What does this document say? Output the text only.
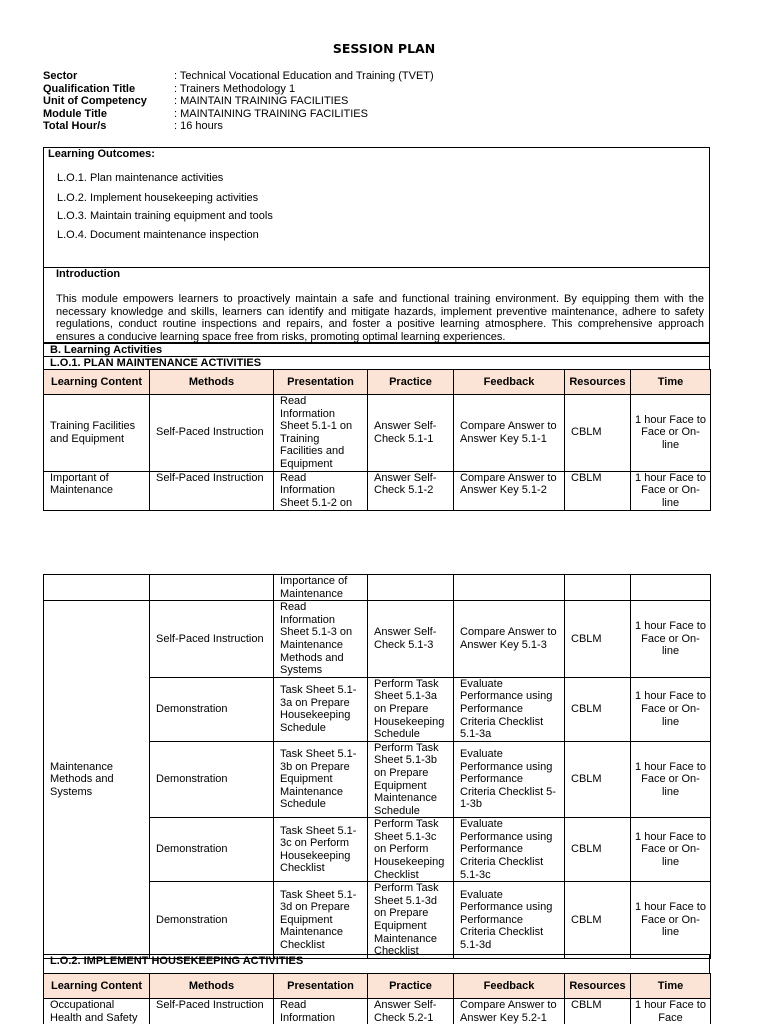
SESSION PLAN
Sector	: Technical Vocational Education and Training (TVET)
Qualification Title	: Trainers Methodology 1
Unit of Competency : MAINTAIN TRAINING FACILITIES
Module Title	: MAINTAINING TRAINING FACILITIES
Total Hour/s	: 16 hours
Learning Outcomes:
L.O.1. Plan maintenance activities
L.O.2. Implement housekeeping activities
L.O.3. Maintain training equipment and tools
L.O.4. Document maintenance inspection
Introduction
This module empowers learners to proactively maintain a safe and functional training environment. By equipping them with the necessary knowledge and skills, learners can identify and mitigate hazards, implement preventive maintenance, adhere to safety regulations, conduct routine inspections and repairs, and foster a positive learning atmosphere. This comprehensive approach ensures a conducive learning space free from risks, promoting optimal learning experiences.
B. Learning Activities
L.O.1. PLAN MAINTENANCE ACTIVITIES
Learning Content	Methods	Presentation	Practice	Feedback	Resources	Time
Training Facilities and Equipment	Self-Paced Instruction	Read Information Sheet 5.1-1 on Training Facilities and Equipment	Answer Self-Check 5.1-1	Compare Answer to Answer Key 5.1-1	CBLM	1 hour Face to Face or On-line
Important of Maintenance	Self-Paced Instruction	Read Information Sheet 5.1-2 on	Answer Self-Check 5.1-2	Compare Answer to Answer Key 5.1-2	CBLM	1 hour Face to Face or On-line
		Importance of Maintenance				
Maintenance Methods and Systems	Self-Paced Instruction	Read Information Sheet 5.1-3 on Maintenance Methods and Systems	Answer Self-Check 5.1-3	Compare Answer to Answer Key 5.1-3	CBLM	1 hour Face to Face or On-line
	Demonstration	Task Sheet 5.1-3a on Prepare Housekeeping Schedule	Perform Task Sheet 5.1-3a on Prepare Housekeeping Schedule	Evaluate Performance using Performance Criteria Checklist 5.1-3a	CBLM	1 hour Face to Face or On-line
	Demonstration	Task Sheet 5.1-3b on Prepare Equipment Maintenance Schedule	Perform Task Sheet 5.1-3b on Prepare Equipment Maintenance Schedule	Evaluate Performance using Performance Criteria Checklist 5-1-3b	CBLM	1 hour Face to Face or On-line
	Demonstration	Task Sheet 5.1-3c on Perform Housekeeping Checklist	Perform Task Sheet 5.1-3c on Perform Housekeeping Checklist	Evaluate Performance using Performance Criteria Checklist 5.1-3c	CBLM	1 hour Face to Face or On-line
	Demonstration	Task Sheet 5.1-3d on Prepare Equipment Maintenance Checklist	Perform Task Sheet 5.1-3d on Prepare Equipment Maintenance Checklist	Evaluate Performance using Performance Criteria Checklist 5.1-3d	CBLM	1 hour Face to Face or On-line
L.O.2. IMPLEMENT HOUSEKEEPING ACTIVITIES
Learning Content	Methods	Presentation	Practice	Feedback	Resources	Time
Occupational Health and Safety	Self-Paced Instruction	Read Information	Answer Self-Check 5.2-1	Compare Answer to Answer Key 5.2-1	CBLM	1 hour Face to Face
